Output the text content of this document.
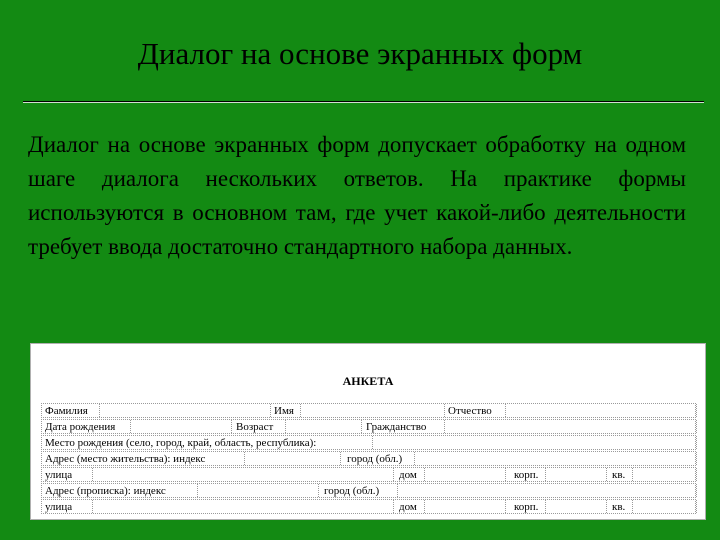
Диалог на основе экранных форм
Диалог на основе экранных форм допускает обработку на одном шаге диалога нескольких ответов. На практике формы используются в основном там, где учет какой-либо деятельности требует ввода достаточно стандартного набора данных.
АНКЕТА
Фамилия	Имя	Отчество
Дата рождения	Возраст	Гражданство
Место рождения (село, город, край, область, республика):
Адрес (место жительства): индекс	город (обл.)
улица	дом	корп.	кв.
Адрес (прописка): индекс	город (обл.)
улица	дом	корп.	кв.
